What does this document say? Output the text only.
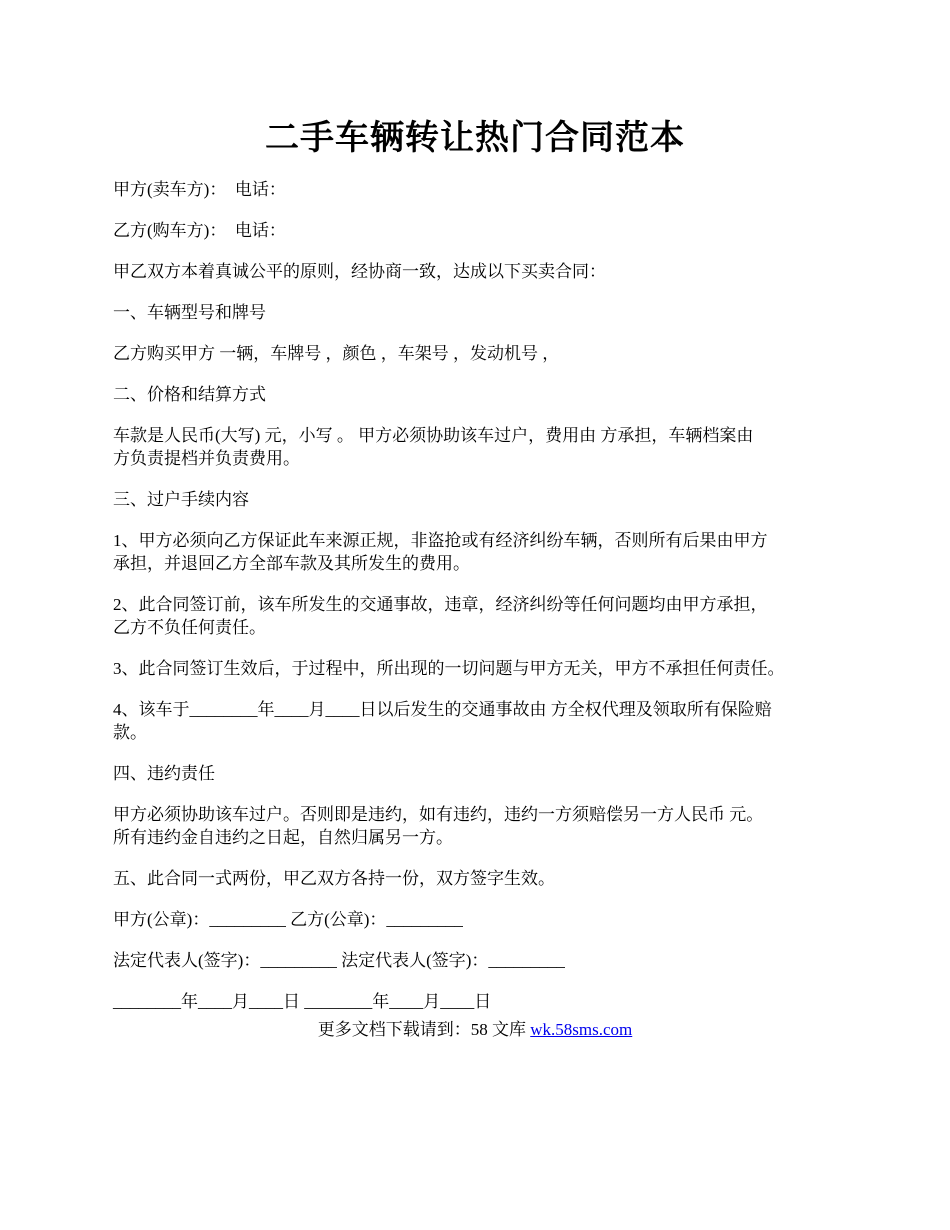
二手车辆转让热门合同范本

甲方(卖车方)：  电话：

乙方(购车方)：  电话：

甲乙双方本着真诚公平的原则，经协商一致，达成以下买卖合同：

一、车辆型号和牌号

乙方购买甲方 一辆，车牌号 ，颜色 ，车架号 ，发动机号 ，

二、价格和结算方式

车款是人民币(大写) 元，小写 。 甲方必须协助该车过户，费用由 方承担，车辆档案由
方负责提档并负责费用。

三、过户手续内容

1、甲方必须向乙方保证此车来源正规，非盗抢或有经济纠纷车辆，否则所有后果由甲方
承担，并退回乙方全部车款及其所发生的费用。

2、此合同签订前，该车所发生的交通事故，违章，经济纠纷等任何问题均由甲方承担，
乙方不负任何责任。

3、此合同签订生效后，于过程中，所出现的一切问题与甲方无关，甲方不承担任何责任。

4、该车于________年____月____日以后发生的交通事故由 方全权代理及领取所有保险赔
款。

四、违约责任

甲方必须协助该车过户。否则即是违约，如有违约，违约一方须赔偿另一方人民币 元。
所有违约金自违约之日起，自然归属另一方。

五、此合同一式两份，甲乙双方各持一份，双方签字生效。

甲方(公章)：_________ 乙方(公章)：_________

法定代表人(签字)：_________ 法定代表人(签字)：_________

________年____月____日 ________年____月____日

更多文档下载请到：58 文库 wk.58sms.com
